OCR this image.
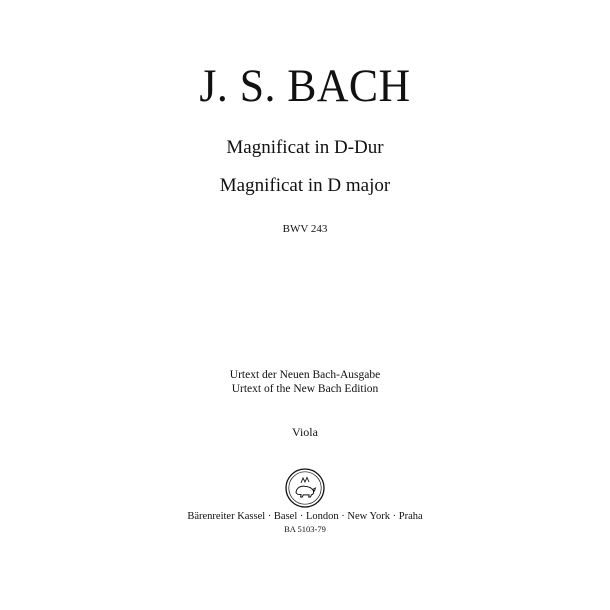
J. S. BACH
Magnificat in D-Dur
Magnificat in D major
BWV 243
Urtext der Neuen Bach-Ausgabe
Urtext of the New Bach Edition
Viola
Bärenreiter Kassel · Basel · London · New York · Praha
BA 5103-79
